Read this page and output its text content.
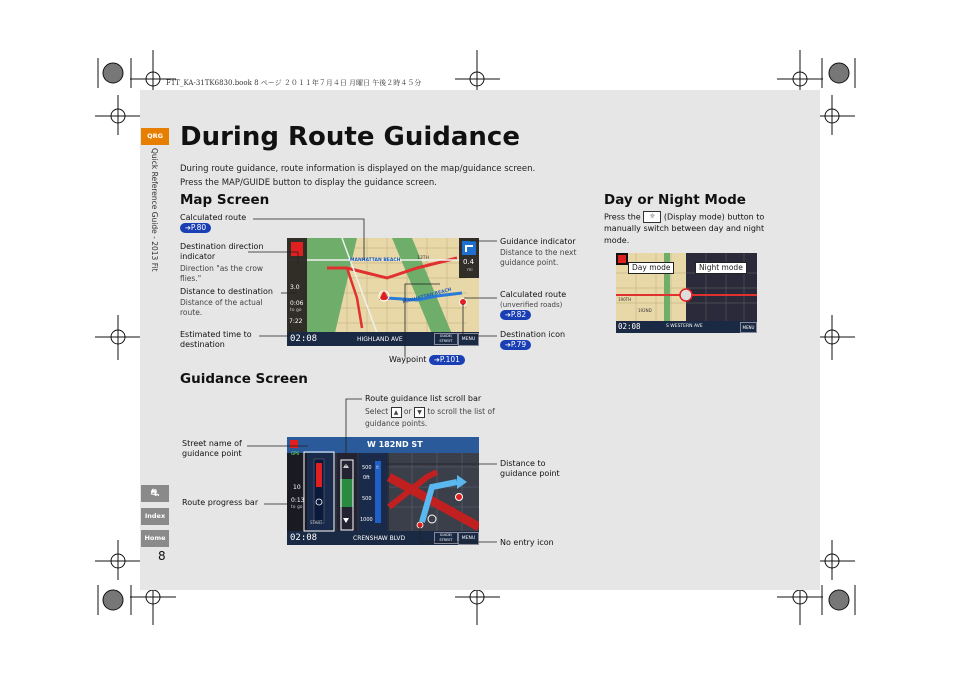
F1T_KA-31TK6830.book 8 ページ ２０１１年７月４日 月曜日 午後２時４５分
QRG
Quick Reference Guide - 2013 Fit
⛐
Index
Home
8
During Route Guidance
During route guidance, route information is displayed on the map/guidance screen.
Press the MAP/GUIDE button to display the guidance screen.
Map Screen
Calculated route
➔P.80
Destination direction indicator
Direction "as the crow flies."
Distance to destination
Distance of the actual route.
Estimated time to destination
Guidance indicator
Distance to the next guidance point.
Calculated route
(unverified roads)
➔P.82
Destination icon
➔P.79
Waypoint ➔P.101
MANHATTAN BEACH
MANHATTAN BEACH
13TH	0.4
mi
3.0
0:06
to go
7:22
02:08	HIGHLAND AVE	GUIDE/ STREET	MENU
Day or Night Mode
Press the ☼ (Display mode) button to manually switch between day and night mode.
Day mode	Night mode
190TH
192ND
02:08	S WESTERN AVE	MENU
Guidance Screen
Route guidance list scroll bar
Select ▲ or ▼ to scroll the list of guidance points.
Street name of guidance point
Route progress bar
Distance to guidance point
No entry icon
W 182ND ST
GPS
10
0:13
to go
START
500 ft
0ft
500
1000
02:08	CRENSHAW BLVD	GUIDE/ STREET	MENU
